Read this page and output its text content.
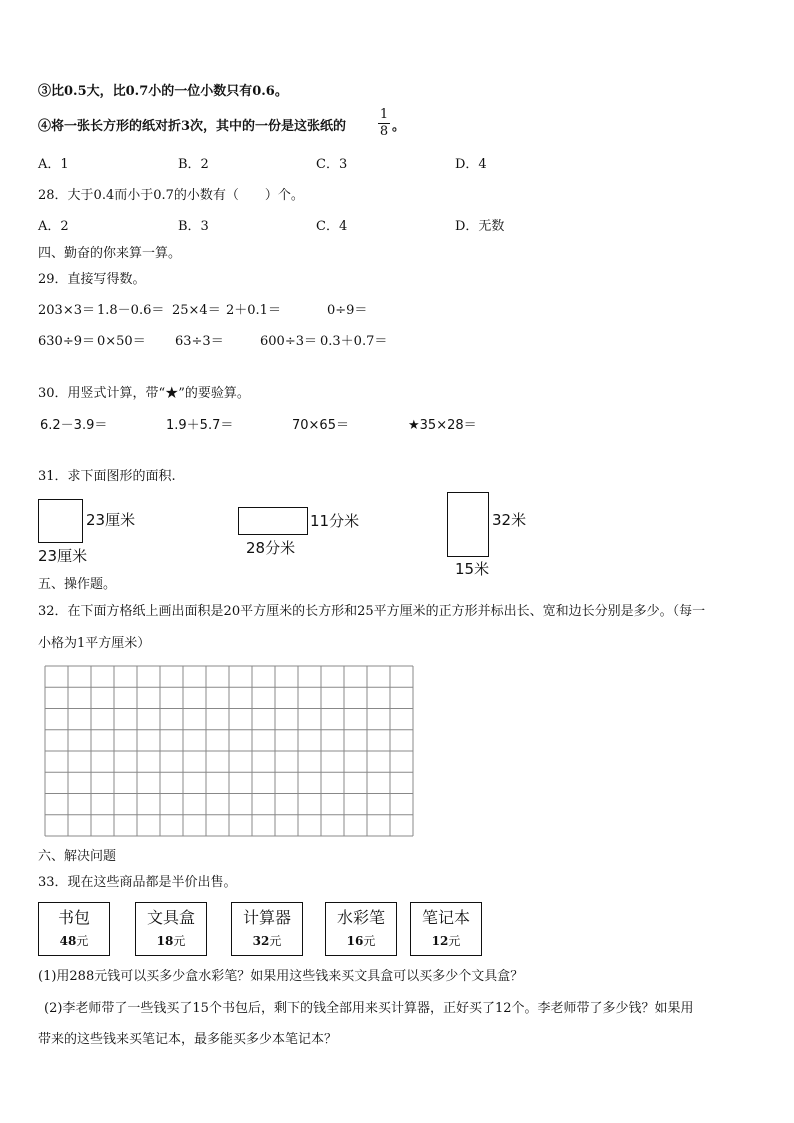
③比0.5大，比0.7小的一位小数只有0.6。
④将一张长方形的纸对折3次，其中的一份是这张纸的
1
8 。
A．1	B．2	C．3	D．4
28．大于0.4而小于0.7的小数有（　　）个。
A．2	B．3	C．4	D．无数
四、勤奋的你来算一算。
29．直接写得数。
203×3＝ 1.8－0.6＝ 25×4＝ 2＋0.1＝	0÷9＝
630÷9＝ 0×50＝ 63÷3＝	600÷3＝ 0.3＋0.7＝
30．用竖式计算，带“★”的要验算。
6.2－3.9＝	1.9＋5.7＝	70×65＝	★35×28＝
31．求下面图形的面积.
23厘米
23厘米
11分米
28分米
32米
15米
五、操作题。
32．在下面方格纸上画出面积是20平方厘米的长方形和25平方厘米的正方形并标出长、宽和边长分别是多少。（每一
小格为1平方厘米）
六、解决问题
33．现在这些商品都是半价出售。
书包
48元
文具盒
18元
计算器
32元
水彩笔
16元
笔记本
12元
(1)用288元钱可以买多少盒水彩笔？如果用这些钱来买文具盒可以买多少个文具盒？
(2)李老师带了一些钱买了15个书包后，剩下的钱全部用来买计算器，正好买了12个。李老师带了多少钱？如果用
带来的这些钱来买笔记本，最多能买多少本笔记本？
